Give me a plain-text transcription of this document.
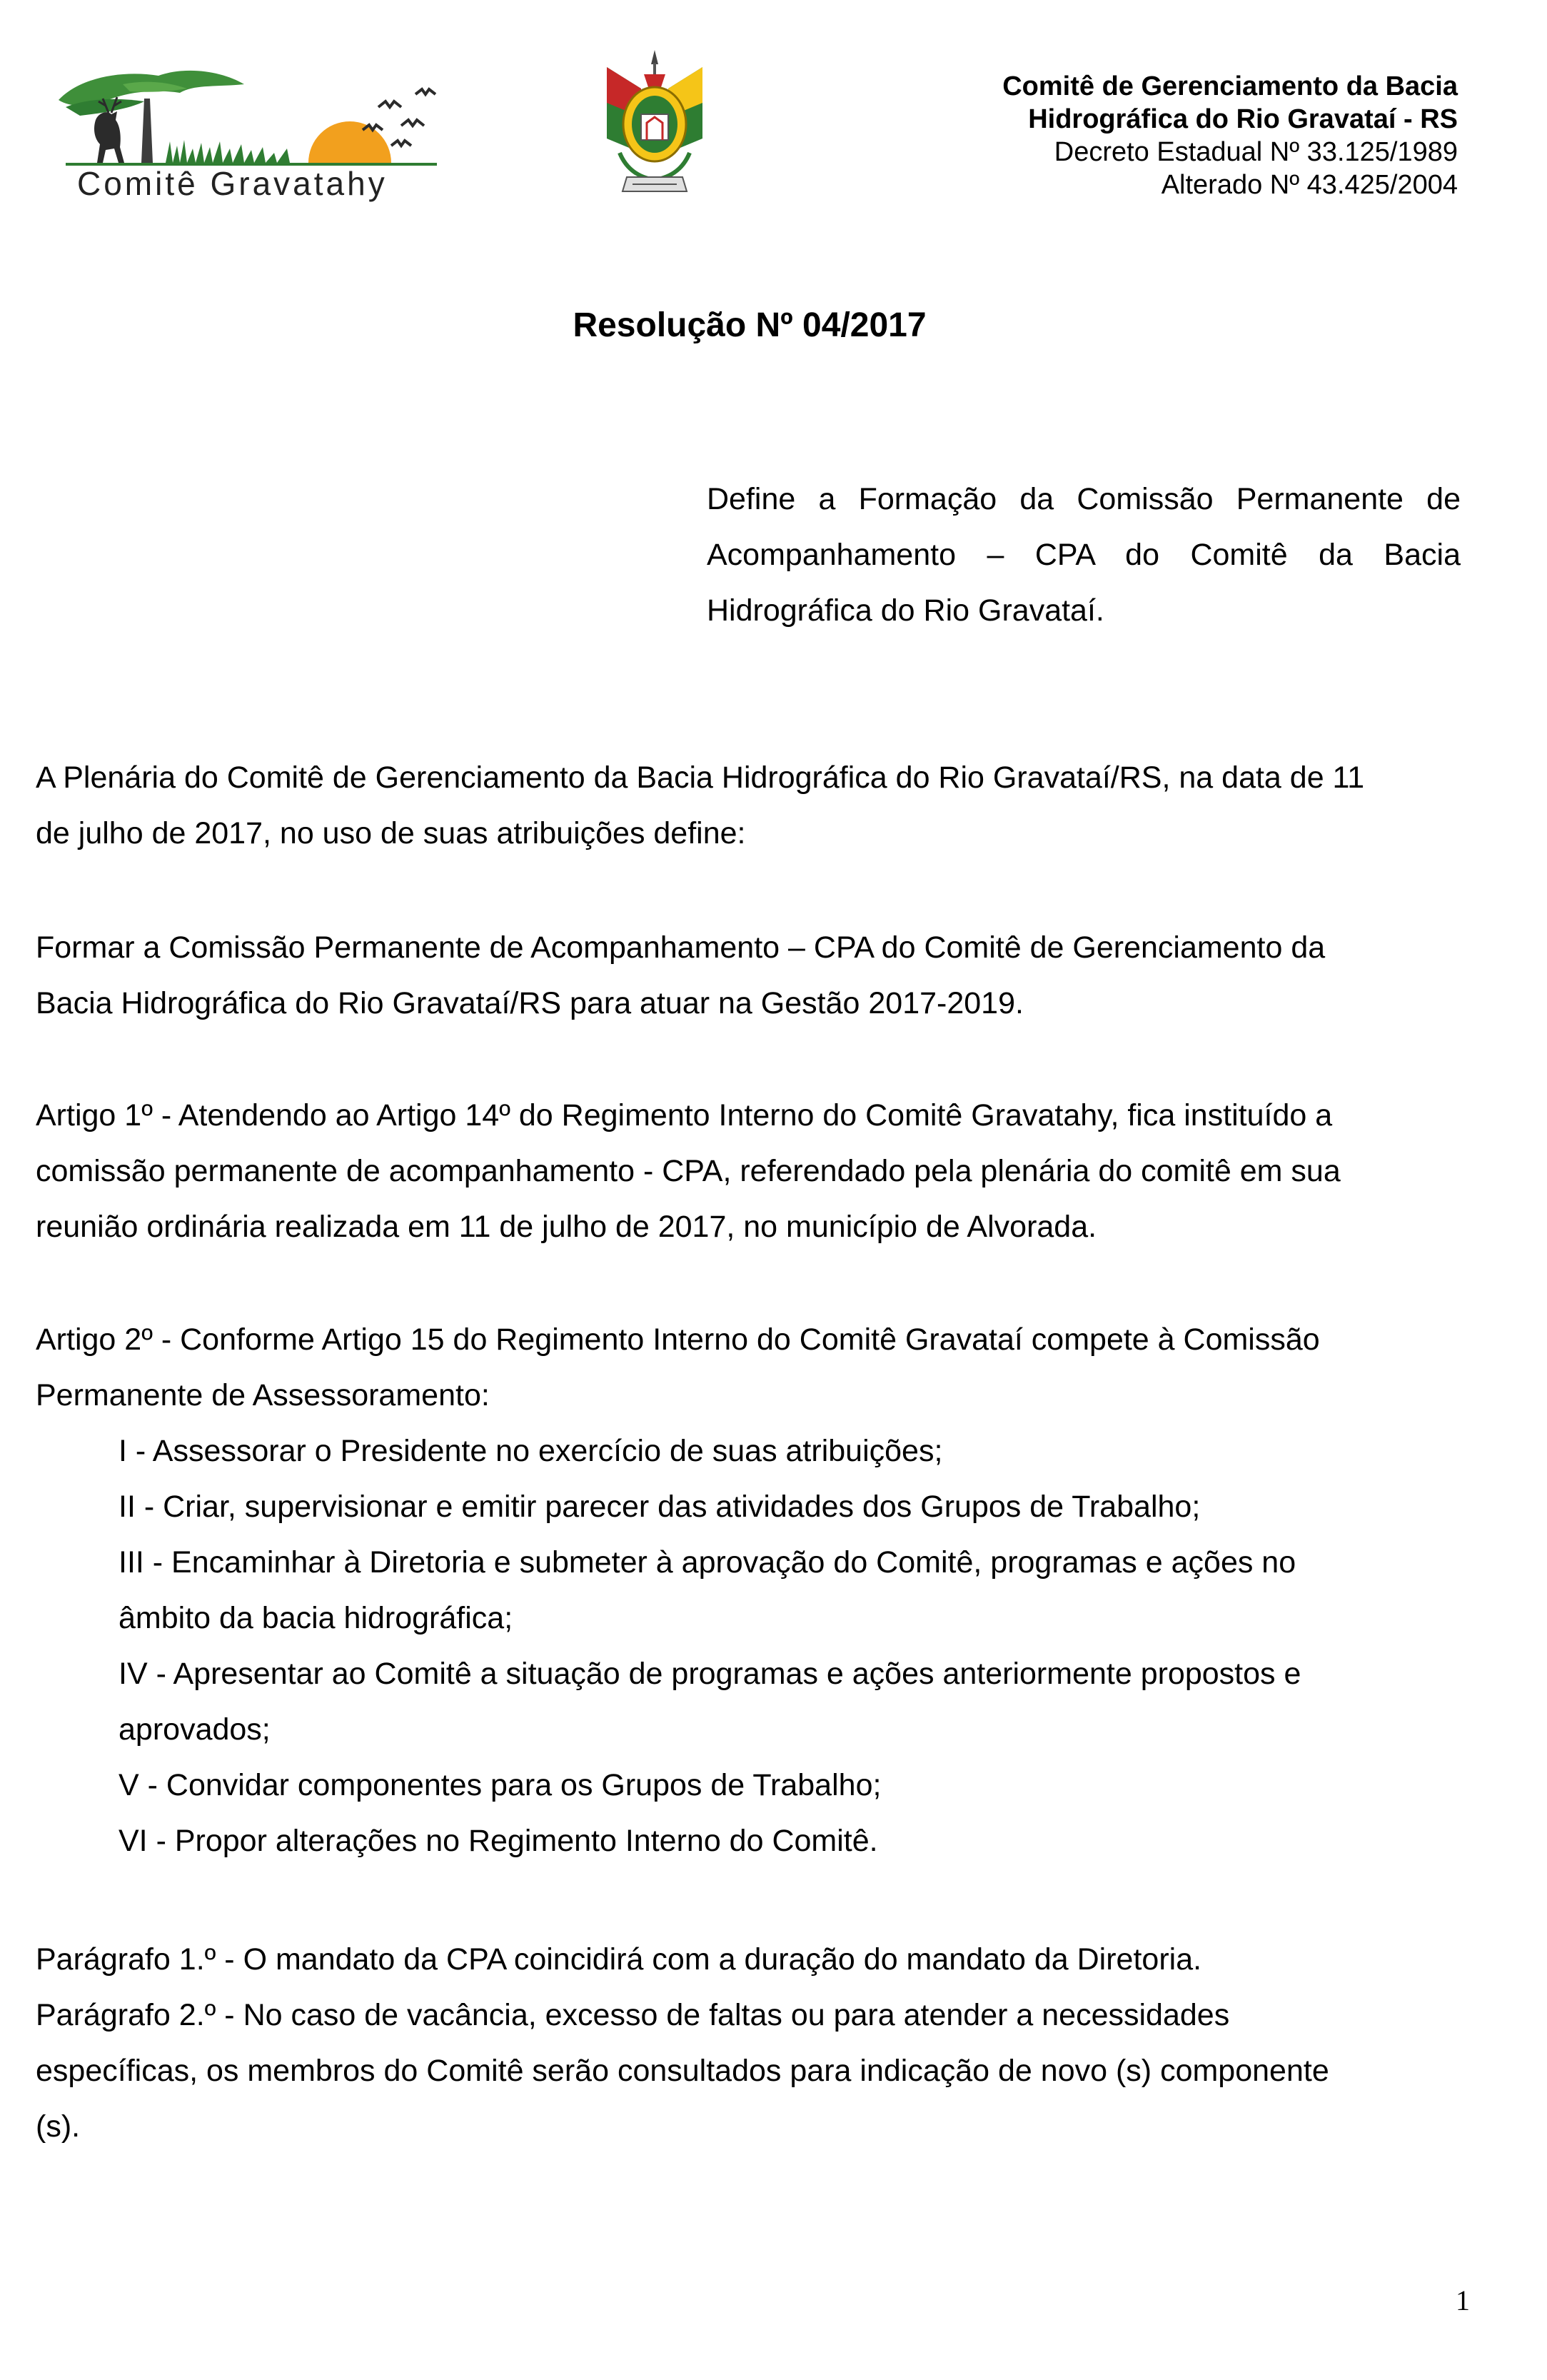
Comitê Gravatahy
Comitê de Gerenciamento da Bacia
Hidrográfica do Rio Gravataí - RS
Decreto Estadual Nº 33.125/1989
Alterado Nº 43.425/2004
Resolução Nº 04/2017
Define a Formação da Comissão Permanente de Acompanhamento – CPA do Comitê da Bacia Hidrográfica do Rio Gravataí.
A Plenária do Comitê de Gerenciamento da Bacia Hidrográfica do Rio Gravataí/RS, na data de 11
de julho de 2017, no uso de suas atribuições define:
Formar a Comissão Permanente de Acompanhamento – CPA do Comitê de Gerenciamento da
Bacia Hidrográfica do Rio Gravataí/RS para atuar na Gestão 2017-2019.
Artigo 1º - Atendendo ao Artigo 14º do Regimento Interno do Comitê Gravatahy, fica instituído a
comissão permanente de acompanhamento - CPA, referendado pela plenária do comitê em sua
reunião ordinária realizada em 11 de julho de 2017, no município de Alvorada.
Artigo 2º - Conforme Artigo 15 do Regimento Interno do Comitê Gravataí compete à Comissão
Permanente de Assessoramento:
I - Assessorar o Presidente no exercício de suas atribuições;
II - Criar, supervisionar e emitir parecer das atividades dos Grupos de Trabalho;
III - Encaminhar à Diretoria e submeter à aprovação do Comitê, programas e ações no
âmbito da bacia hidrográfica;
IV - Apresentar ao Comitê a situação de programas e ações anteriormente propostos e
aprovados;
V - Convidar componentes para os Grupos de Trabalho;
VI - Propor alterações no Regimento Interno do Comitê.
Parágrafo 1.º - O mandato da CPA coincidirá com a duração do mandato da Diretoria.
Parágrafo 2.º - No caso de vacância, excesso de faltas ou para atender a necessidades
específicas, os membros do Comitê serão consultados para indicação de novo (s) componente
(s).
1
